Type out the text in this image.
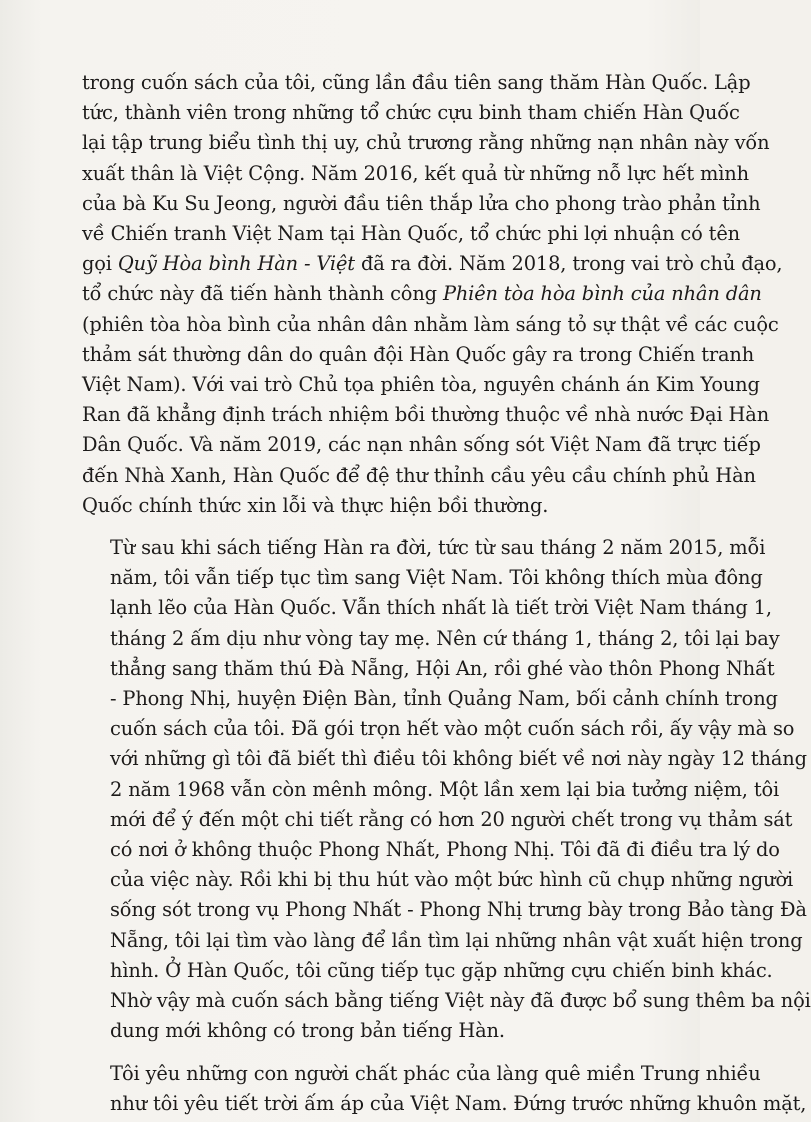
trong cuốn sách của tôi, cũng lần đầu tiên sang thăm Hàn Quốc. Lập
tức, thành viên trong những tổ chức cựu binh tham chiến Hàn Quốc
lại tập trung biểu tình thị uy, chủ trương rằng những nạn nhân này vốn
xuất thân là Việt Cộng. Năm 2016, kết quả từ những nỗ lực hết mình
của bà Ku Su Jeong, người đầu tiên thắp lửa cho phong trào phản tỉnh
về Chiến tranh Việt Nam tại Hàn Quốc, tổ chức phi lợi nhuận có tên
gọi Quỹ Hòa bình Hàn - Việt đã ra đời. Năm 2018, trong vai trò chủ đạo,
tổ chức này đã tiến hành thành công Phiên tòa hòa bình của nhân dân
(phiên tòa hòa bình của nhân dân nhằm làm sáng tỏ sự thật về các cuộc
thảm sát thường dân do quân đội Hàn Quốc gây ra trong Chiến tranh
Việt Nam). Với vai trò Chủ tọa phiên tòa, nguyên chánh án Kim Young
Ran đã khẳng định trách nhiệm bồi thường thuộc về nhà nước Đại Hàn
Dân Quốc. Và năm 2019, các nạn nhân sống sót Việt Nam đã trực tiếp
đến Nhà Xanh, Hàn Quốc để đệ thư thỉnh cầu yêu cầu chính phủ Hàn
Quốc chính thức xin lỗi và thực hiện bồi thường.

Từ sau khi sách tiếng Hàn ra đời, tức từ sau tháng 2 năm 2015, mỗi
năm, tôi vẫn tiếp tục tìm sang Việt Nam. Tôi không thích mùa đông
lạnh lẽo của Hàn Quốc. Vẫn thích nhất là tiết trời Việt Nam tháng 1,
tháng 2 ấm dịu như vòng tay mẹ. Nên cứ tháng 1, tháng 2, tôi lại bay
thẳng sang thăm thú Đà Nẵng, Hội An, rồi ghé vào thôn Phong Nhất
- Phong Nhị, huyện Điện Bàn, tỉnh Quảng Nam, bối cảnh chính trong
cuốn sách của tôi. Đã gói trọn hết vào một cuốn sách rồi, ấy vậy mà so
với những gì tôi đã biết thì điều tôi không biết về nơi này ngày 12 tháng
2 năm 1968 vẫn còn mênh mông. Một lần xem lại bia tưởng niệm, tôi
mới để ý đến một chi tiết rằng có hơn 20 người chết trong vụ thảm sát
có nơi ở không thuộc Phong Nhất, Phong Nhị. Tôi đã đi điều tra lý do
của việc này. Rồi khi bị thu hút vào một bức hình cũ chụp những người
sống sót trong vụ Phong Nhất - Phong Nhị trưng bày trong Bảo tàng Đà
Nẵng, tôi lại tìm vào làng để lần tìm lại những nhân vật xuất hiện trong
hình. Ở Hàn Quốc, tôi cũng tiếp tục gặp những cựu chiến binh khác.
Nhờ vậy mà cuốn sách bằng tiếng Việt này đã được bổ sung thêm ba nội
dung mới không có trong bản tiếng Hàn.

Tôi yêu những con người chất phác của làng quê miền Trung nhiều
như tôi yêu tiết trời ấm áp của Việt Nam. Đứng trước những khuôn mặt,
